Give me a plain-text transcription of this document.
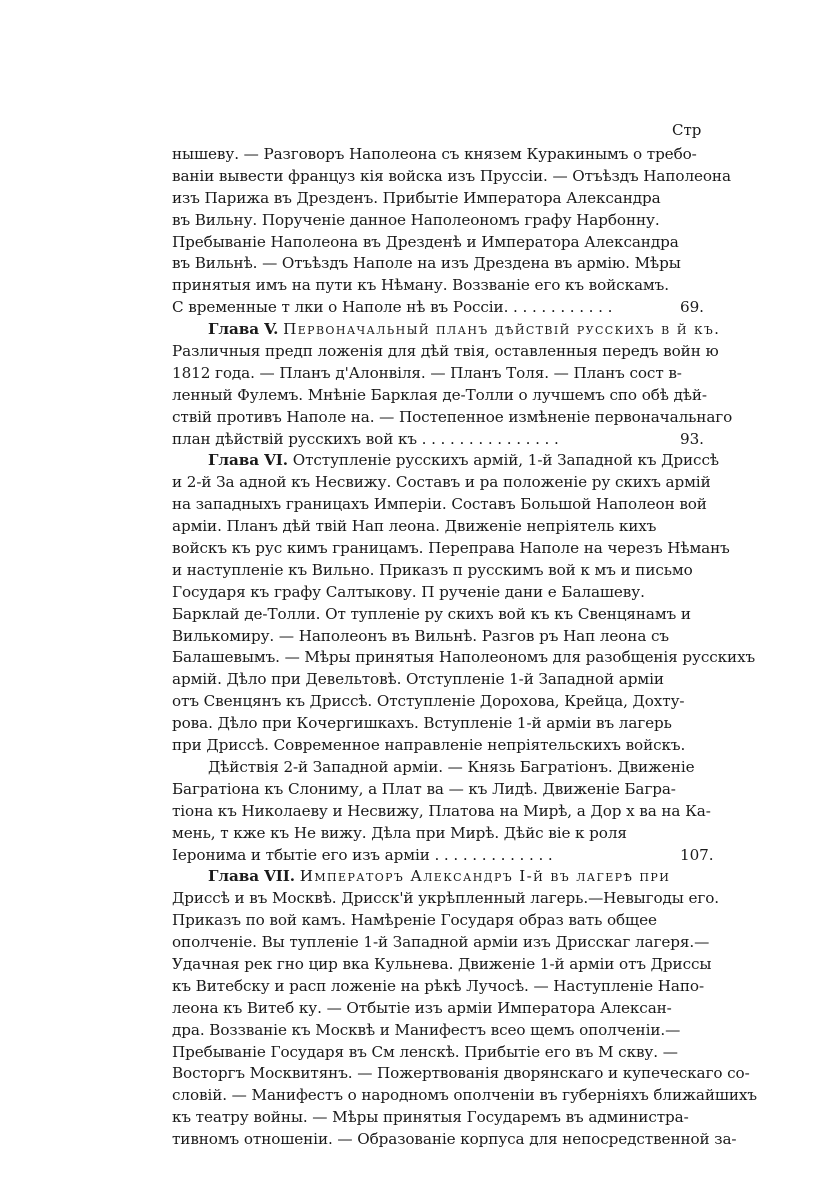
Стр
нышеву. — Разговоръ Наполеона съ князем Куракинымъ о требо-
ваніи вывести француз кія войска изъ Пруссіи. — Отъѣздъ Наполеона
изъ Парижа въ Дрезденъ. Прибытіе Императора Александра
въ Вильну. Порученіе данное Наполеономъ графу Нарбонну.
Пребываніе Наполеона въ Дрезденѣ и Императора Александра
въ Вильнѣ. — Отъѣздъ Наполе на изъ Дрездена въ армію. Мѣры
принятыя имъ на пути къ Нѣману. Воззваніе его къ войскамъ.
С временные т лки о Наполе нѣ въ Россіи. . . . . . . . . . . .	69.
Глава V. Первоначальный планъ дѣйствій русскихъ в й къ.
Различныя предп ложенія для дѣй твія, оставленныя передъ войн ю
1812 года. — Планъ д'Алонвіля. — Планъ Толя. — Планъ сост в-
ленный Фулемъ. Мнѣніе Барклая де-Толли о лучшемъ спо обѣ дѣй-
ствій противъ Наполе на. — Постепенное измѣненіе первоначальнаго
план дѣйствій русскихъ вой къ . . . . . . . . . . . . . . .	93.
Глава VI. Отступленіе русскихъ армій, 1-й Западной къ Дриссѣ
и 2-й За адной къ Несвижу. Составъ и ра положеніе ру скихъ армій
на западныхъ границахъ Имперіи. Составъ Большой Наполеон вой
арміи. Планъ дѣй твій Нап леона. Движеніе непріятель кихъ
войскъ къ рус кимъ границамъ. Переправа Наполе на черезъ Нѣманъ
и наступленіе къ Вильно. Приказъ п русскимъ вой к мъ и письмо
Государя къ графу Салтыкову. П рученіе дани е Балашеву.
Барклай де-Толли. От тупленіе ру скихъ вой къ къ Свенцянамъ и
Вилькомиру. — Наполеонъ въ Вильнѣ. Разгов ръ Нап леона съ
Балашевымъ. — Мѣры принятыя Наполеономъ для разобщенія русскихъ
армій. Дѣло при Девельтовѣ. Отступленіе 1-й Западной арміи
отъ Свенцянъ къ Дриссѣ. Отступленіе Дорохова, Крейца, Дохту-
рова. Дѣло при Кочергишкахъ. Вступленіе 1-й арміи въ лагерь
при Дриссѣ. Современное направленіе непріятельскихъ войскъ.
Дѣйствія 2-й Западной арміи. — Князь Багратіонъ. Движеніе
Багратіона къ Слониму, а Плат ва — къ Лидѣ. Движеніе Багра-
тіона къ Николаеву и Несвижу, Платова на Мирѣ, а Дор х ва на Ка-
мень, т кже къ Не вижу. Дѣла при Мирѣ. Дѣйс віе к роля
Іеронима и тбытіе его изъ арміи . . . . . . . . . . . . .	107.
Глава VII. Императоръ Александръ I-й въ лагерѣ при
Дриссѣ и въ Москвѣ. Дрисск'й укрѣпленный лагерь.—Невыгоды его.
Приказъ по вой камъ. Намѣреніе Государя образ вать общее
ополченіе. Вы тупленіе 1-й Западной арміи изъ Дрисскаг лагеря.—
Удачная рек гно цир вка Кульнева. Движеніе 1-й арміи отъ Дриссы
къ Витебску и расп ложеніе на рѣкѣ Лучосѣ. — Наступленіе Напо-
леона къ Витеб ку. — Отбытіе изъ арміи Императора Алексан-
дра. Воззваніе къ Москвѣ и Манифестъ всео щемъ ополченіи.—
Пребываніе Государя въ См ленскѣ. Прибытіе его въ М скву. —
Восторгъ Москвитянъ. — Пожертвованія дворянскаго и купеческаго со-
словій. — Манифестъ о народномъ ополченіи въ губерніяхъ ближайшихъ
къ театру войны. — Мѣры принятыя Государемъ въ администра-
тивномъ отношеніи. — Образованіе корпуса для непосредственной за-
